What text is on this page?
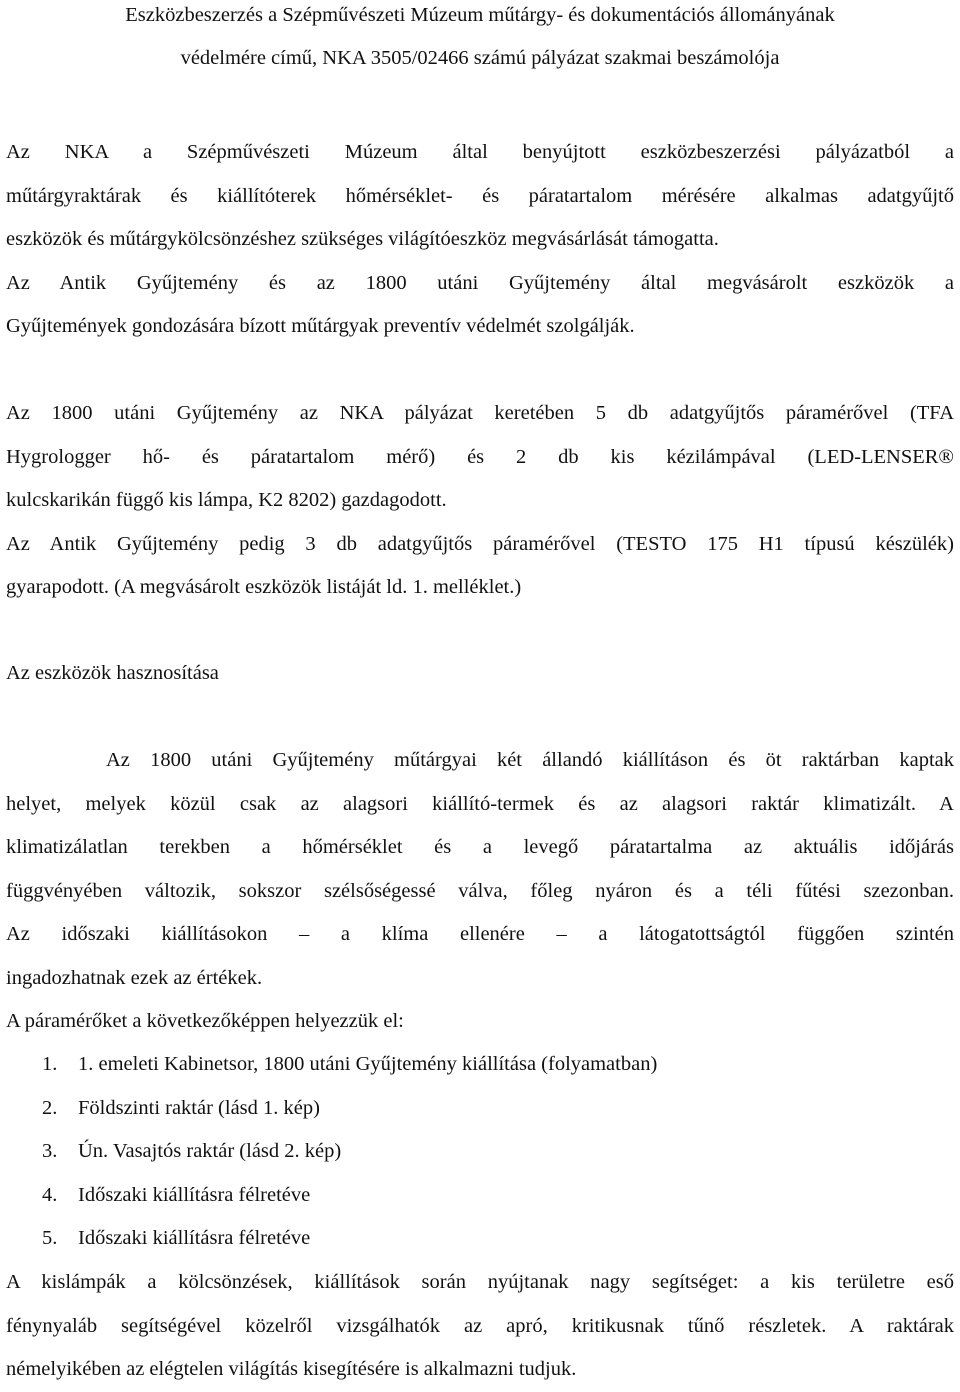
Eszközbeszerzés a Szépművészeti Múzeum műtárgy- és dokumentációs állományának
védelmére című, NKA 3505/02466 számú pályázat szakmai beszámolója
Az NKA a Szépművészeti Múzeum által benyújtott eszközbeszerzési pályázatból a
műtárgyraktárak és kiállítóterek hőmérséklet- és páratartalom mérésére alkalmas adatgyűjtő
eszközök és műtárgykölcsönzéshez szükséges világítóeszköz megvásárlását támogatta.
Az Antik Gyűjtemény és az 1800 utáni Gyűjtemény által megvásárolt eszközök a
Gyűjtemények gondozására bízott műtárgyak preventív védelmét szolgálják.
Az 1800 utáni Gyűjtemény az NKA pályázat keretében 5 db adatgyűjtős páramérővel (TFA
Hygrologger hő- és páratartalom mérő) és 2 db kis kézilámpával (LED-LENSER®
kulcskarikán függő kis lámpa, K2 8202) gazdagodott.
Az Antik Gyűjtemény pedig 3 db adatgyűjtős páramérővel (TESTO 175 H1 típusú készülék)
gyarapodott. (A megvásárolt eszközök listáját ld. 1. melléklet.)
Az eszközök hasznosítása
Az 1800 utáni Gyűjtemény műtárgyai két állandó kiállításon és öt raktárban kaptak
helyet, melyek közül csak az alagsori kiállító-termek és az alagsori raktár klimatizált. A
klimatizálatlan terekben a hőmérséklet és a levegő páratartalma az aktuális időjárás
függvényében változik, sokszor szélsőségessé válva, főleg nyáron és a téli fűtési szezonban.
Az időszaki kiállításokon – a klíma ellenére – a látogatottságtól függően szintén
ingadozhatnak ezek az értékek.
A páramérőket a következőképpen helyezzük el:
1.	1. emeleti Kabinetsor, 1800 utáni Gyűjtemény kiállítása (folyamatban)
2.	Földszinti raktár (lásd 1. kép)
3.	Ún. Vasajtós raktár (lásd 2. kép)
4.	Időszaki kiállításra félretéve
5.	Időszaki kiállításra félretéve
A kislámpák a kölcsönzések, kiállítások során nyújtanak nagy segítséget: a kis területre eső
fénynyaláb segítségével közelről vizsgálhatók az apró, kritikusnak tűnő részletek. A raktárak
némelyikében az elégtelen világítás kisegítésére is alkalmazni tudjuk.
